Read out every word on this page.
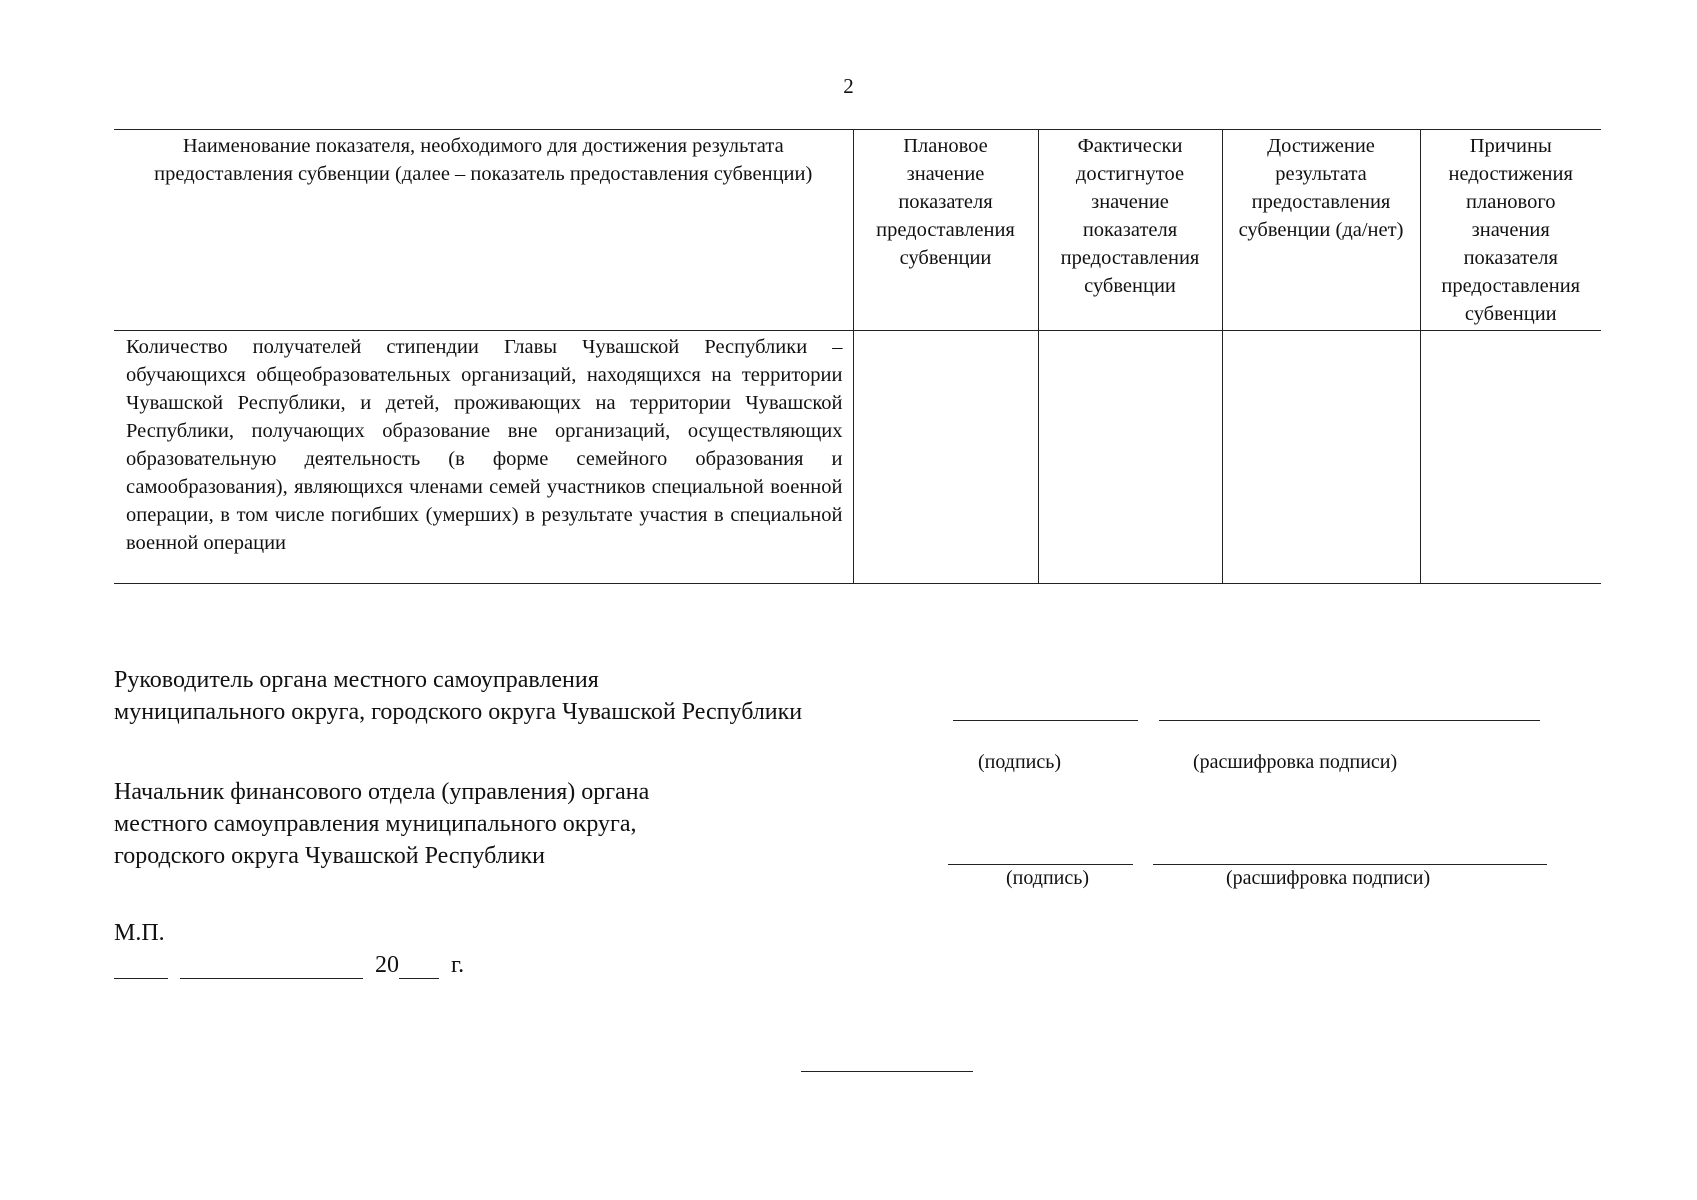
2
Наименование показателя, необходимого для достижения результата предоставления субвенции (далее – показатель предоставления субвенции)	Плановое значение показателя предоставления субвенции	Фактически достигнутое значение показателя предоставления субвенции	Достижение результата предоставления субвенции (да/нет)	Причины недостижения планового значения показателя предоставления субвенции
Количество получателей стипендии Главы Чувашской Республики – обучающихся общеобразовательных организаций, находящихся на территории Чувашской Республики, и детей, проживающих на территории Чувашской Республики, получающих образование вне организаций, осуществляющих образовательную деятельность (в форме семейного образования и самообразования), являющихся членами семей участников специальной военной операции, в том числе погибших (умерших) в результате участия в специальной военной операции				
Руководитель органа местного самоуправления
муниципального округа, городского округа Чувашской Республики
(подпись)	(расшифровка подписи)
Начальник финансового отдела (управления) органа
местного самоуправления муниципального округа,
городского округа Чувашской Республики
(подпись)	(расшифровка подписи)
М.П.
20 г.
